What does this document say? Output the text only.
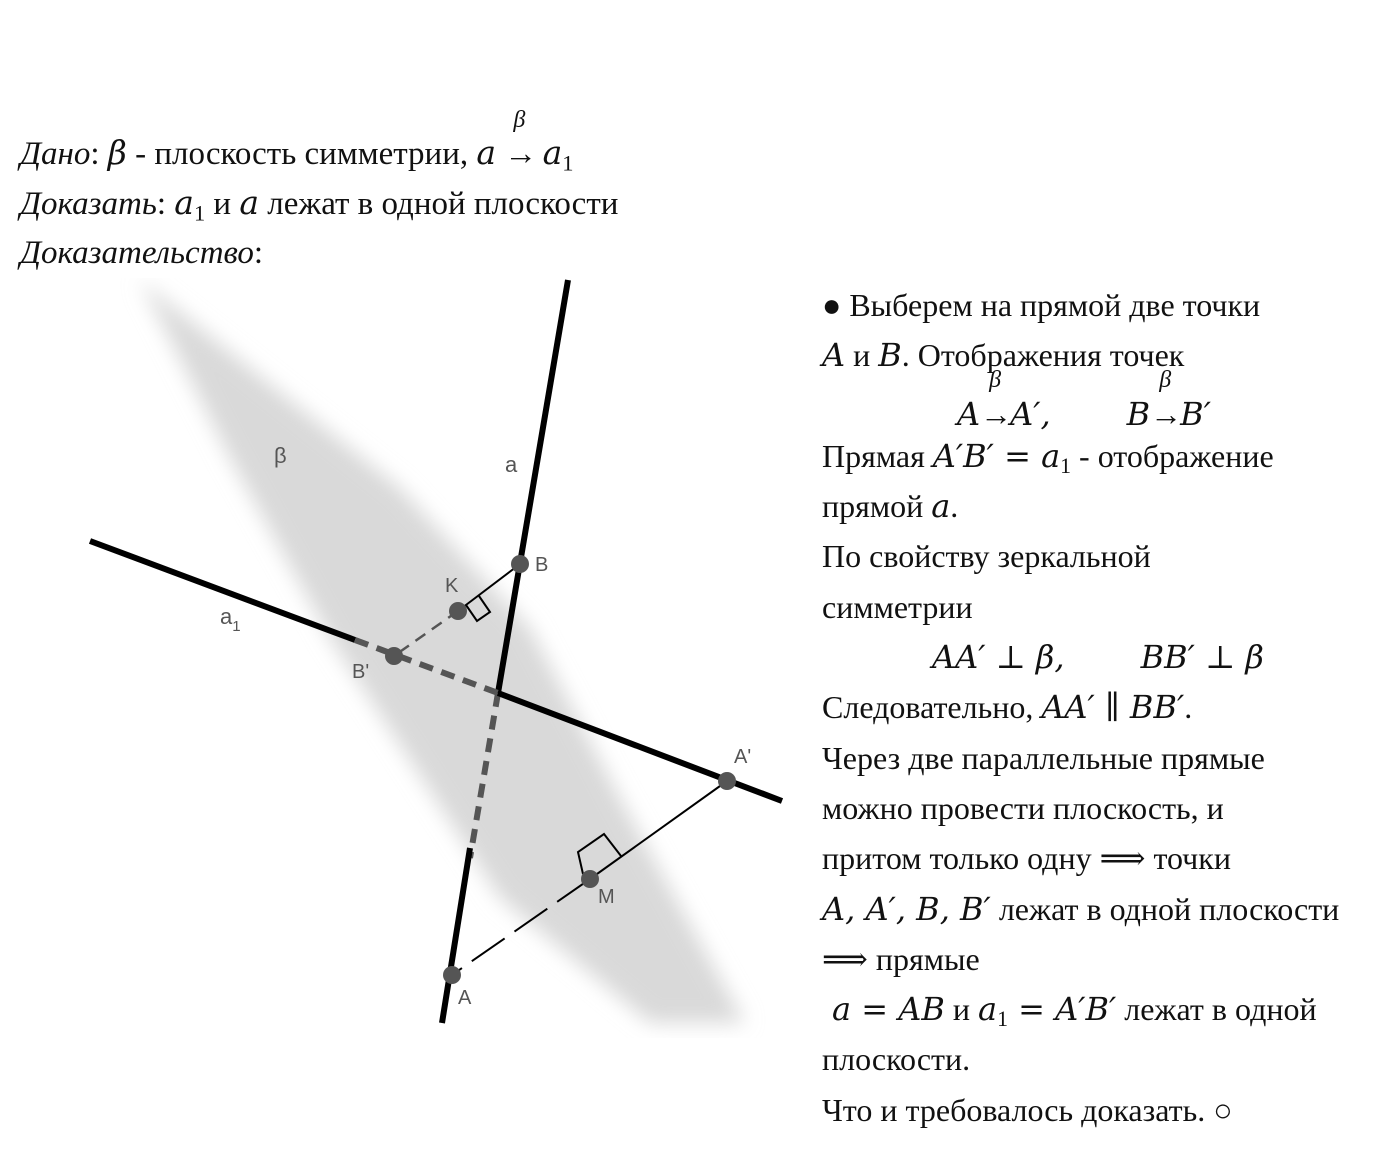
Дано: β - плоскость симметрии, a
β
→ $a_1$
Доказать: $a_1$ и a лежат в одной плоскости
Доказательство:
β	a
$a_1$
B
K
B'
A'
M
A
● Выберем на прямой две точки
A и B. Отображения точек
A
β
→A′, B
β
→B′
Прямая $A'B' = a_1$ - отображение
прямой a.
По свойству зеркальной
симметрии
AA′ ⊥ β, BB′ ⊥ β
Следовательно, AA′ ∥ BB′.
Через две параллельные прямые
можно провести плоскость, и
притом только одну ⟹ точки
A, A′, B, B′ лежат в одной плоскости
⟹ прямые
a = AB и $a_1 = A'B'$ лежат в одной
плоскости.
Что и требовалось доказать. ○
